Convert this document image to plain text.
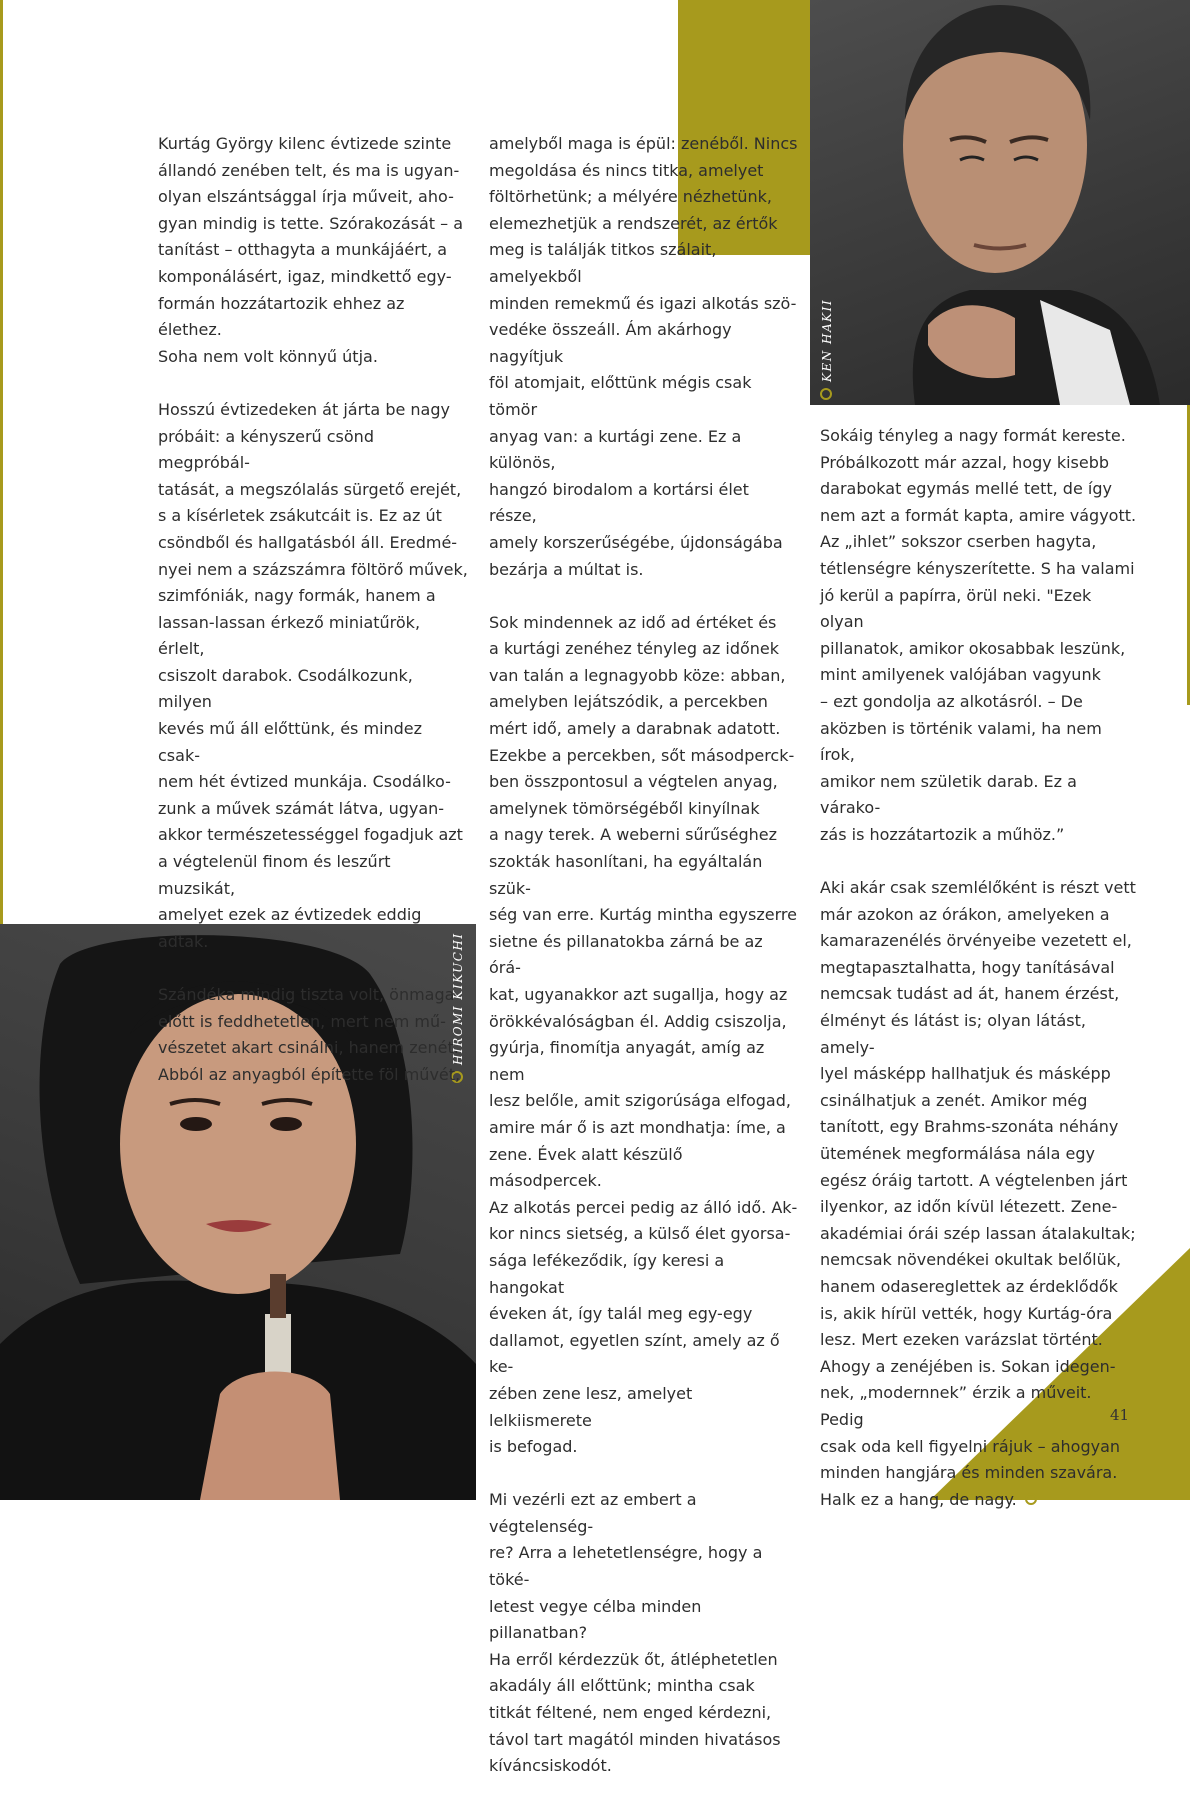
KEN HAKII
HIROMI KIKUCHI

Kurtág György kilenc évtizede szinte
állandó zenében telt, és ma is ugyan-
olyan elszántsággal írja műveit, aho-
gyan mindig is tette. Szórakozását – a
tanítást – otthagyta a munkájáért, a
komponálásért, igaz, mindkettő egy-
formán hozzátartozik ehhez az élethez.
Soha nem volt könnyű útja.

Hosszú évtizedeken át járta be nagy
próbáit: a kényszerű csönd megpróbál-
tatását, a megszólalás sürgető erejét,
s a kísérletek zsákutcáit is. Ez az út
csöndből és hallgatásból áll. Eredmé-
nyei nem a százszámra föltörő művek,
szimfóniák, nagy formák, hanem a
lassan-lassan érkező miniatűrök, érlelt,
csiszolt darabok. Csodálkozunk, milyen
kevés mű áll előttünk, és mindez csak-
nem hét évtized munkája. Csodálko-
zunk a művek számát látva, ugyan-
akkor természetességgel fogadjuk azt
a végtelenül finom és leszűrt muzsikát,
amelyet ezek az évtizedek eddig adtak.

Szándéka mindig tiszta volt, önmaga
előtt is feddhetetlen, mert nem mű-
vészetet akart csinálni, hanem zenét.
Abból az anyagból építette föl művét,

amelyből maga is épül: zenéből. Nincs
megoldása és nincs titka, amelyet
föltörhetünk; a mélyére nézhetünk,
elemezhetjük a rendszerét, az értők
meg is találják titkos szálait, amelyekből
minden remekmű és igazi alkotás szö-
vedéke összeáll. Ám akárhogy nagyítjuk
föl atomjait, előttünk mégis csak tömör
anyag van: a kurtági zene. Ez a különös,
hangzó birodalom a kortársi élet része,
amely korszerűségébe, újdonságába
bezárja a múltat is.

Sok mindennek az idő ad értéket és
a kurtági zenéhez tényleg az időnek
van talán a legnagyobb köze: abban,
amelyben lejátszódik, a percekben
mért idő, amely a darabnak adatott.
Ezekbe a percekben, sőt másodperck-
ben összpontosul a végtelen anyag,
amelynek tömörségéből kinyílnak
a nagy terek. A weberni sűrűséghez
szokták hasonlítani, ha egyáltalán szük-
ség van erre. Kurtág mintha egyszerre
sietne és pillanatokba zárná be az órá-
kat, ugyanakkor azt sugallja, hogy az
örökkévalóságban él. Addig csiszolja,
gyúrja, finomítja anyagát, amíg az nem
lesz belőle, amit szigorúsága elfogad,
amire már ő is azt mondhatja: íme, a
zene. Évek alatt készülő másodpercek.
Az alkotás percei pedig az álló idő. Ak-
kor nincs sietség, a külső élet gyorsa-
sága lefékeződik, így keresi a hangokat
éveken át, így talál meg egy-egy
dallamot, egyetlen színt, amely az ő ke-
zében zene lesz, amelyet lelkiismerete
is befogad.

Mi vezérli ezt az embert a végtelenség-
re? Arra a lehetetlenségre, hogy a töké-
letest vegye célba minden pillanatban?
Ha erről kérdezzük őt, átléphetetlen
akadály áll előttünk; mintha csak
titkát féltené, nem enged kérdezni,
távol tart magától minden hivatásos
kíváncsiskodót.

Sokáig tényleg a nagy formát kereste.
Próbálkozott már azzal, hogy kisebb
darabokat egymás mellé tett, de így
nem azt a formát kapta, amire vágyott.
Az „ihlet” sokszor cserben hagyta,
tétlenségre kényszerítette. S ha valami
jó kerül a papírra, örül neki. "Ezek olyan
pillanatok, amikor okosabbak leszünk,
mint amilyenek valójában vagyunk
– ezt gondolja az alkotásról. – De
aközben is történik valami, ha nem írok,
amikor nem születik darab. Ez a várako-
zás is hozzátartozik a műhöz.”

Aki akár csak szemlélőként is részt vett
már azokon az órákon, amelyeken a
kamarazenélés örvényeibe vezetett el,
megtapasztalhatta, hogy tanításával
nemcsak tudást ad át, hanem érzést,
élményt és látást is; olyan látást, amely-
lyel másképp hallhatjuk és másképp
csinálhatjuk a zenét. Amikor még
tanított, egy Brahms-szonáta néhány
ütemének megformálása nála egy
egész óráig tartott. A végtelenben járt
ilyenkor, az időn kívül létezett. Zene-
akadémiai órái szép lassan átalakultak;
nemcsak növendékei okultak belőlük,
hanem odasereglettek az érdeklődők
is, akik hírül vették, hogy Kurtág-óra
lesz. Mert ezeken varázslat történt.
Ahogy a zenéjében is. Sokan idegen-
nek, „modernnek” érzik a műveit. Pedig
csak oda kell figyelni rájuk – ahogyan
minden hangjára és minden szavára.
Halk ez a hang, de nagy.

41
